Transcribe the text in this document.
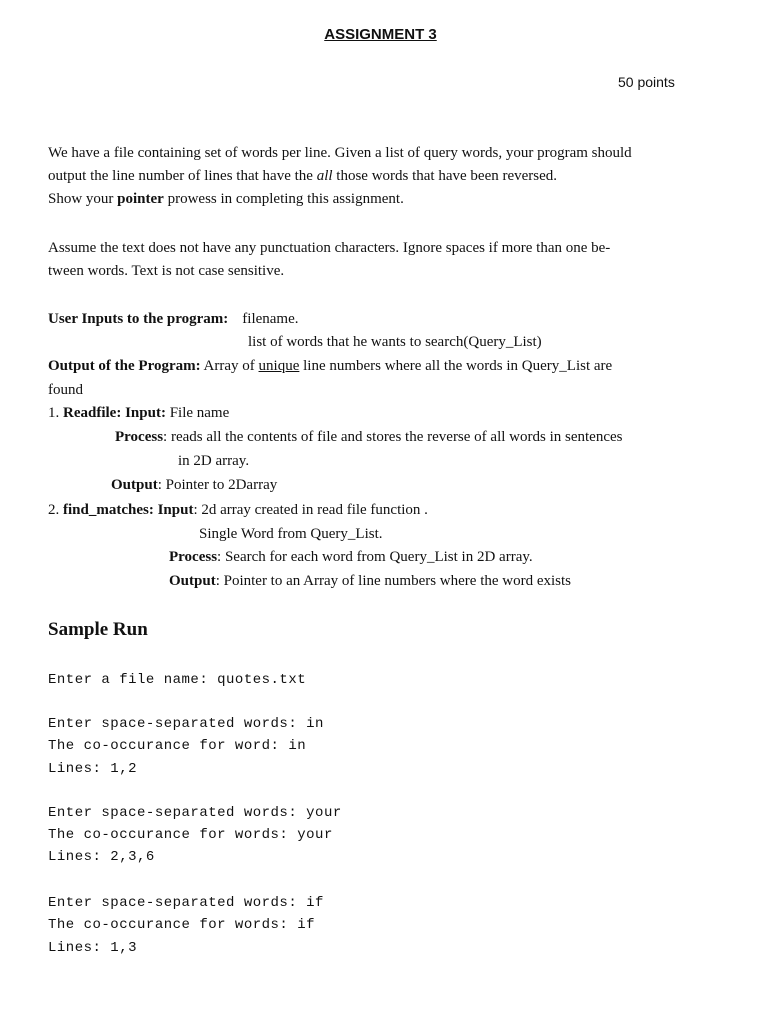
ASSIGNMENT 3
50 points
We have a file containing set of words per line. Given a list of query words, your program should
output the line number of lines that have the all those words that have been reversed.
Show your pointer prowess in completing this assignment.
Assume the text does not have any punctuation characters. Ignore spaces if more than one be-
tween words. Text is not case sensitive.
User Inputs to the program: filename.
list of words that he wants to search(Query_List)
Output of the Program: Array of unique line numbers where all the words in Query_List are
found
1. Readfile: Input: File name
Process: reads all the contents of file and stores the reverse of all words in sentences
in 2D array.
Output: Pointer to 2Darray
2. find_matches: Input: 2d array created in read file function .
Single Word from Query_List.
Process: Search for each word from Query_List in 2D array.
Output: Pointer to an Array of line numbers where the word exists
Sample Run
Enter a file name: quotes.txt
Enter space-separated words: in
The co-occurance for word: in
Lines: 1,2
Enter space-separated words: your
The co-occurance for words: your
Lines: 2,3,6
Enter space-separated words: if
The co-occurance for words: if
Lines: 1,3
